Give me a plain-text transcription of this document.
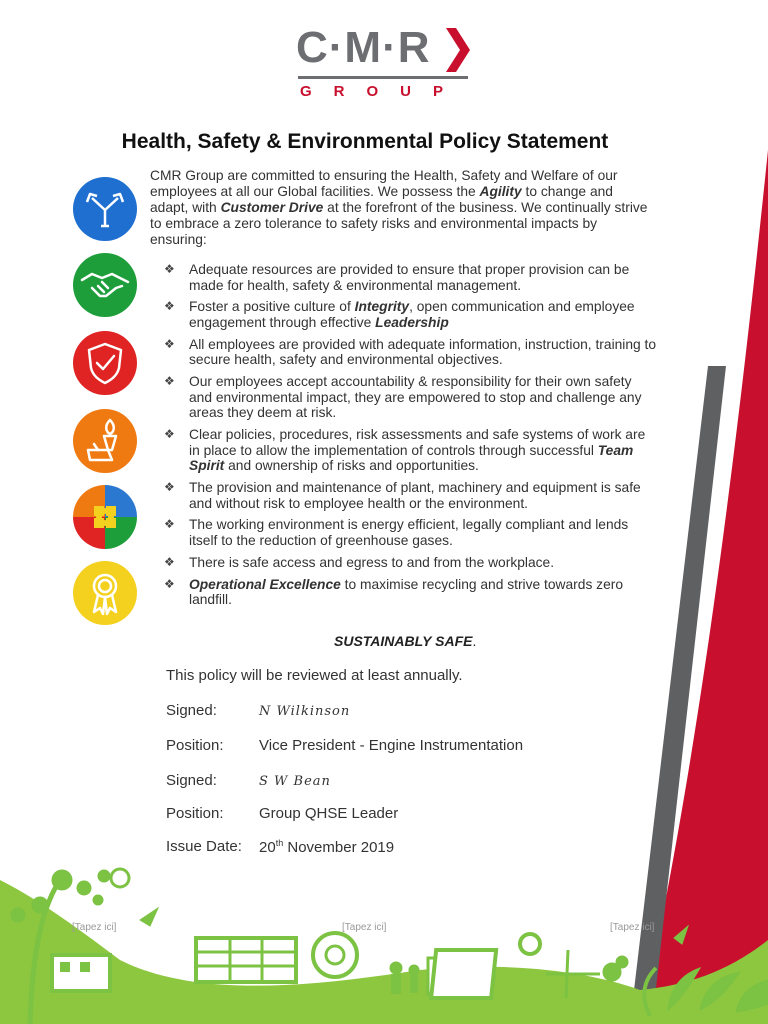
C·M·R
GROUP
Health, Safety & Environmental Policy Statement
CMR Group are committed to ensuring the Health, Safety and Welfare of our employees at all our Global facilities. We possess the Agility to change and adapt, with Customer Drive at the forefront of the business. We continually strive to embrace a zero tolerance to safety risks and environmental impacts by ensuring:
❖ Adequate resources are provided to ensure that proper provision can be made for health, safety & environmental management.
❖ Foster a positive culture of Integrity, open communication and employee engagement through effective Leadership
❖ All employees are provided with adequate information, instruction, training to secure health, safety and environmental objectives.
❖ Our employees accept accountability & responsibility for their own safety and environmental impact, they are empowered to stop and challenge any areas they deem at risk.
❖ Clear policies, procedures, risk assessments and safe systems of work are in place to allow the implementation of controls through successful Team Spirit and ownership of risks and opportunities.
❖ The provision and maintenance of plant, machinery and equipment is safe and without risk to employee health or the environment.
❖ The working environment is energy efficient, legally compliant and lends itself to the reduction of greenhouse gases.
❖ There is safe access and egress to and from the workplace.
❖ Operational Excellence to maximise recycling and strive towards zero landfill.
SUSTAINABLY SAFE.
This policy will be reviewed at least annually.
Signed:	N Wilkinson
Position: Vice President - Engine Instrumentation
Signed:	S W Bean
Position: Group QHSE Leader
Issue Date: 20th November 2019
[Tapez ici]	[Tapez ici]	[Tapez ici]
